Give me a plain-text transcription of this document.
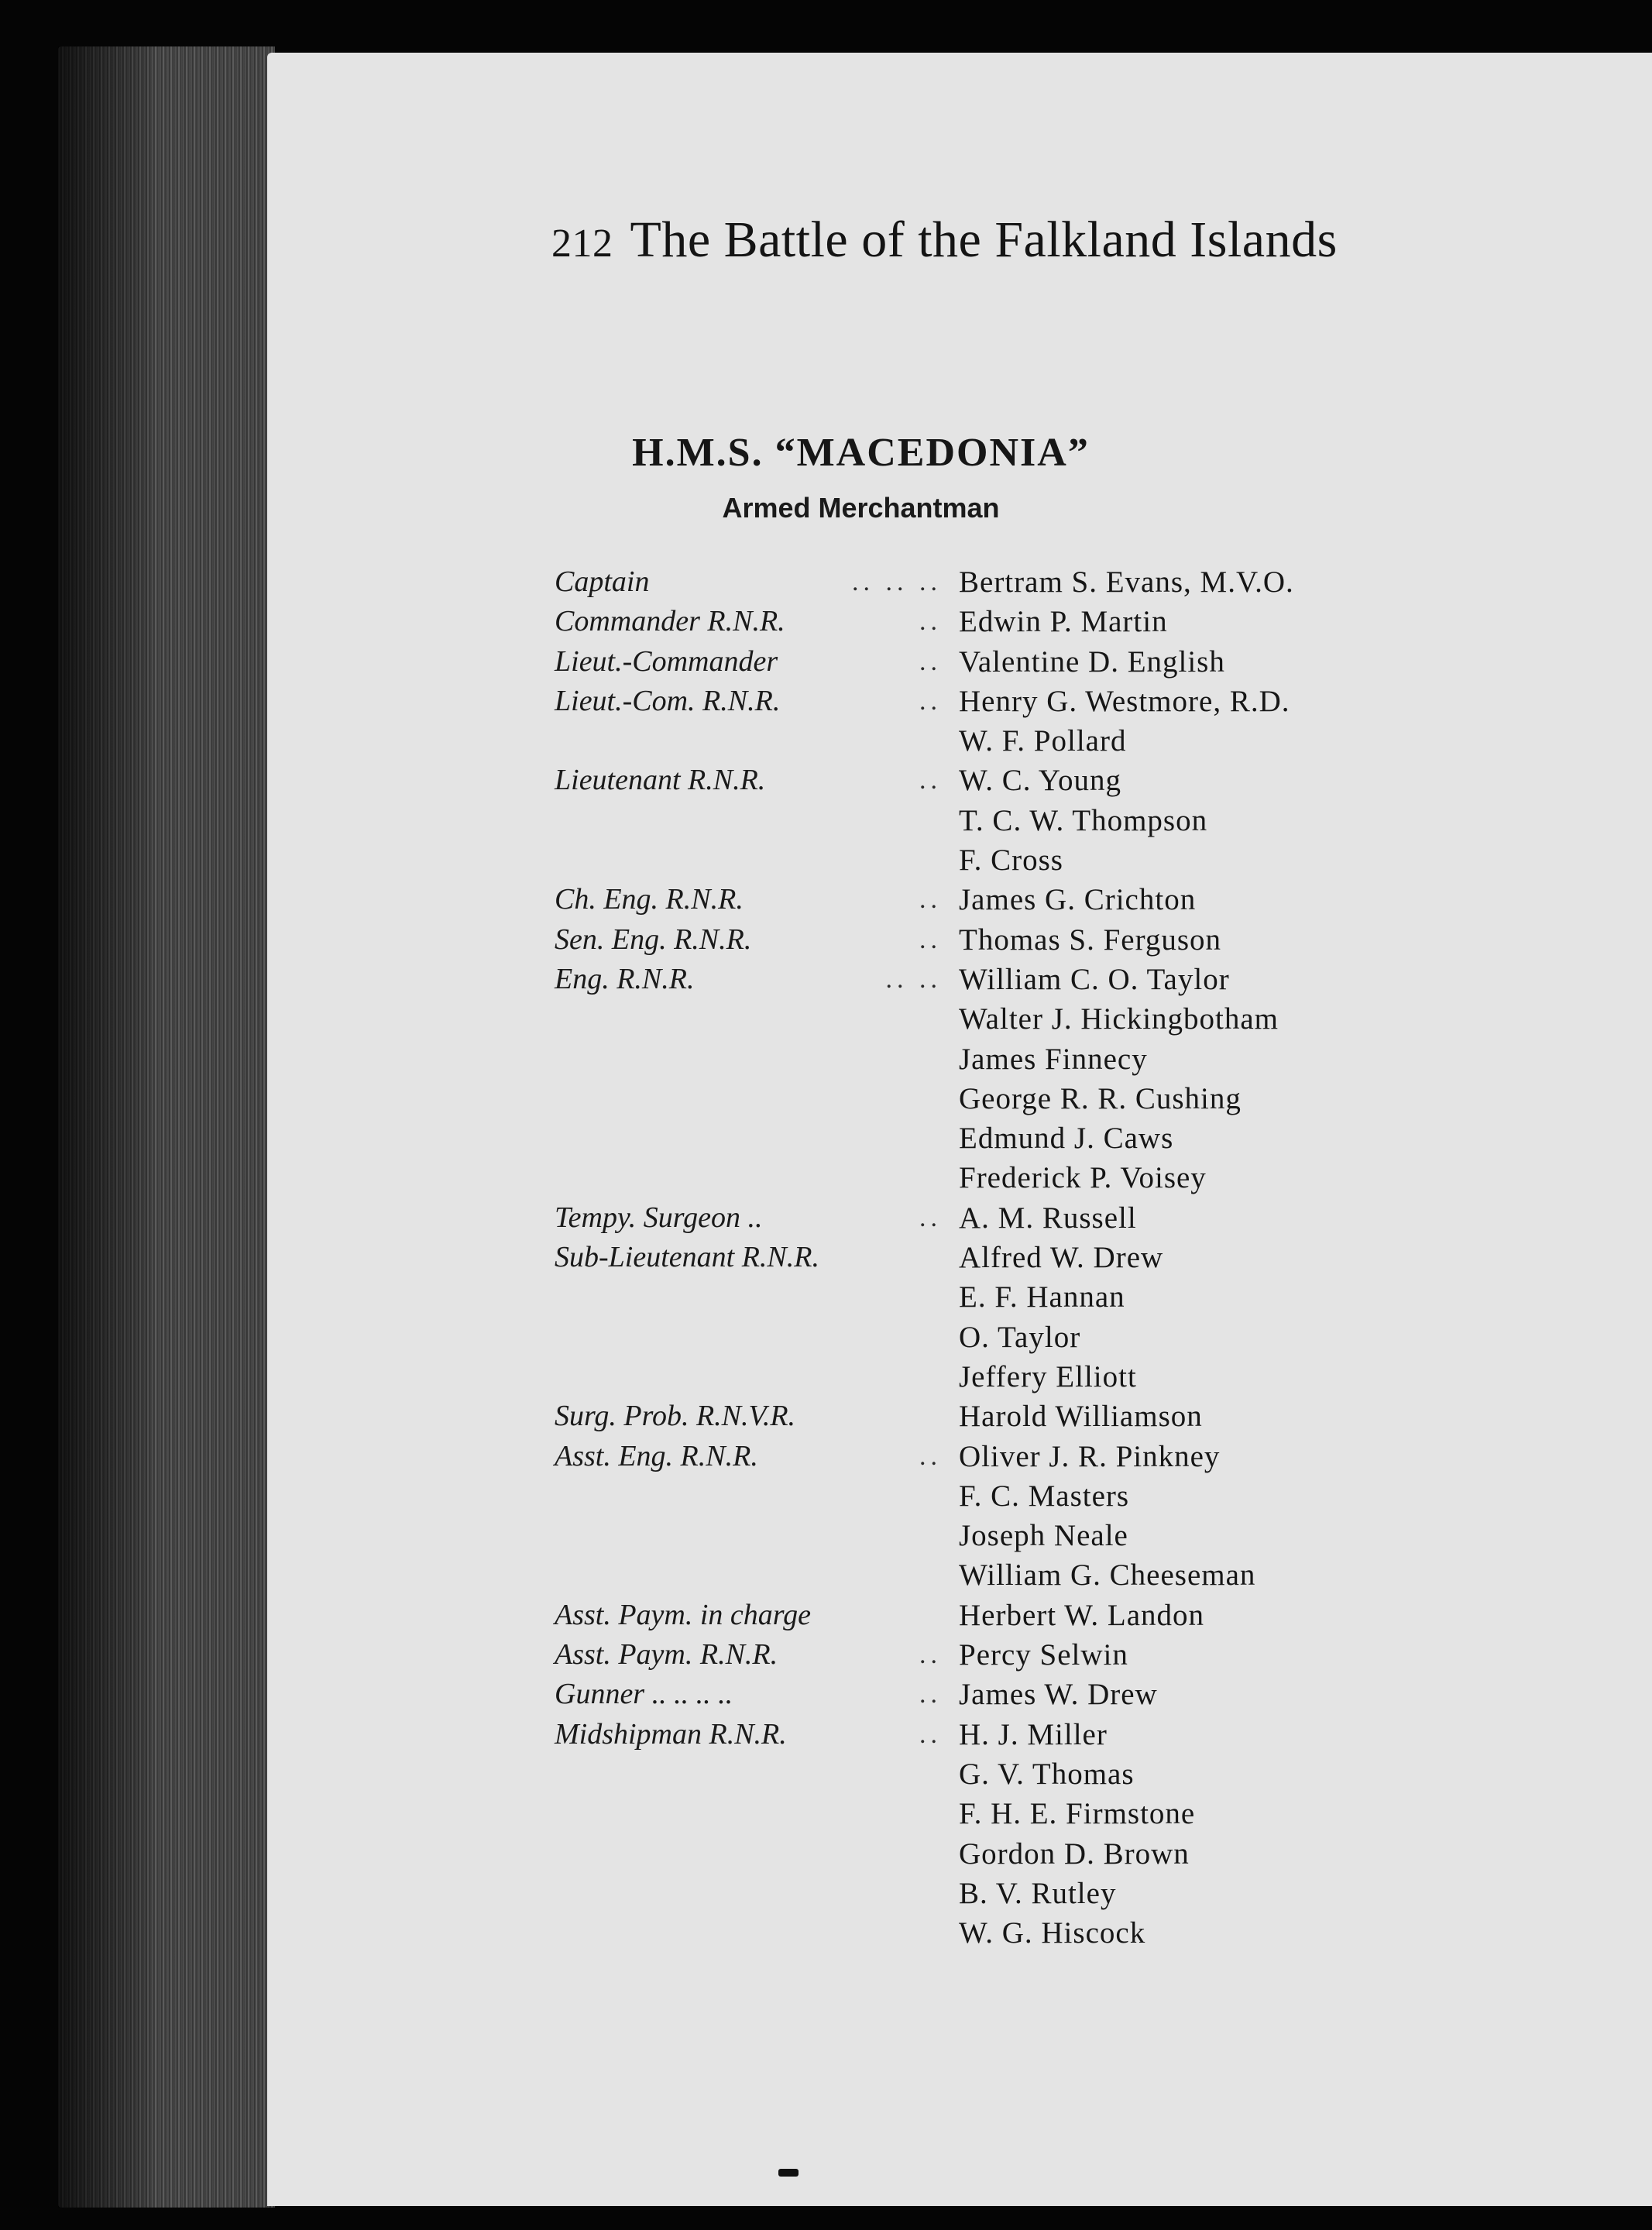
212 The Battle of the Falkland Islands
H.M.S. “MACEDONIA”
Armed Merchantman
Captain	.. .. .. Bertram S. Evans, M.V.O.
Commander R.N.R.	.. Edwin P. Martin
Lieut.-Commander	.. Valentine D. English
Lieut.-Com. R.N.R.	.. Henry G. Westmore, R.D.
W. F. Pollard
Lieutenant R.N.R.	.. W. C. Young
T. C. W. Thompson
F. Cross
Ch. Eng. R.N.R.	.. James G. Crichton
Sen. Eng. R.N.R.	.. Thomas S. Ferguson
Eng. R.N.R.	.. .. William C. O. Taylor
Walter J. Hickingbotham
James Finnecy
George R. R. Cushing
Edmund J. Caws
Frederick P. Voisey
Tempy. Surgeon ..	.. A. M. Russell
Sub-Lieutenant R.N.R.	Alfred W. Drew
E. F. Hannan
O. Taylor
Jeffery Elliott
Surg. Prob. R.N.V.R.	Harold Williamson
Asst. Eng. R.N.R.	.. Oliver J. R. Pinkney
F. C. Masters
Joseph Neale
William G. Cheeseman
Asst. Paym. in charge	Herbert W. Landon
Asst. Paym. R.N.R.	.. Percy Selwin
Gunner .. .. .. ..	.. James W. Drew
Midshipman R.N.R.	.. H. J. Miller
G. V. Thomas
F. H. E. Firmstone
Gordon D. Brown
B. V. Rutley
W. G. Hiscock
